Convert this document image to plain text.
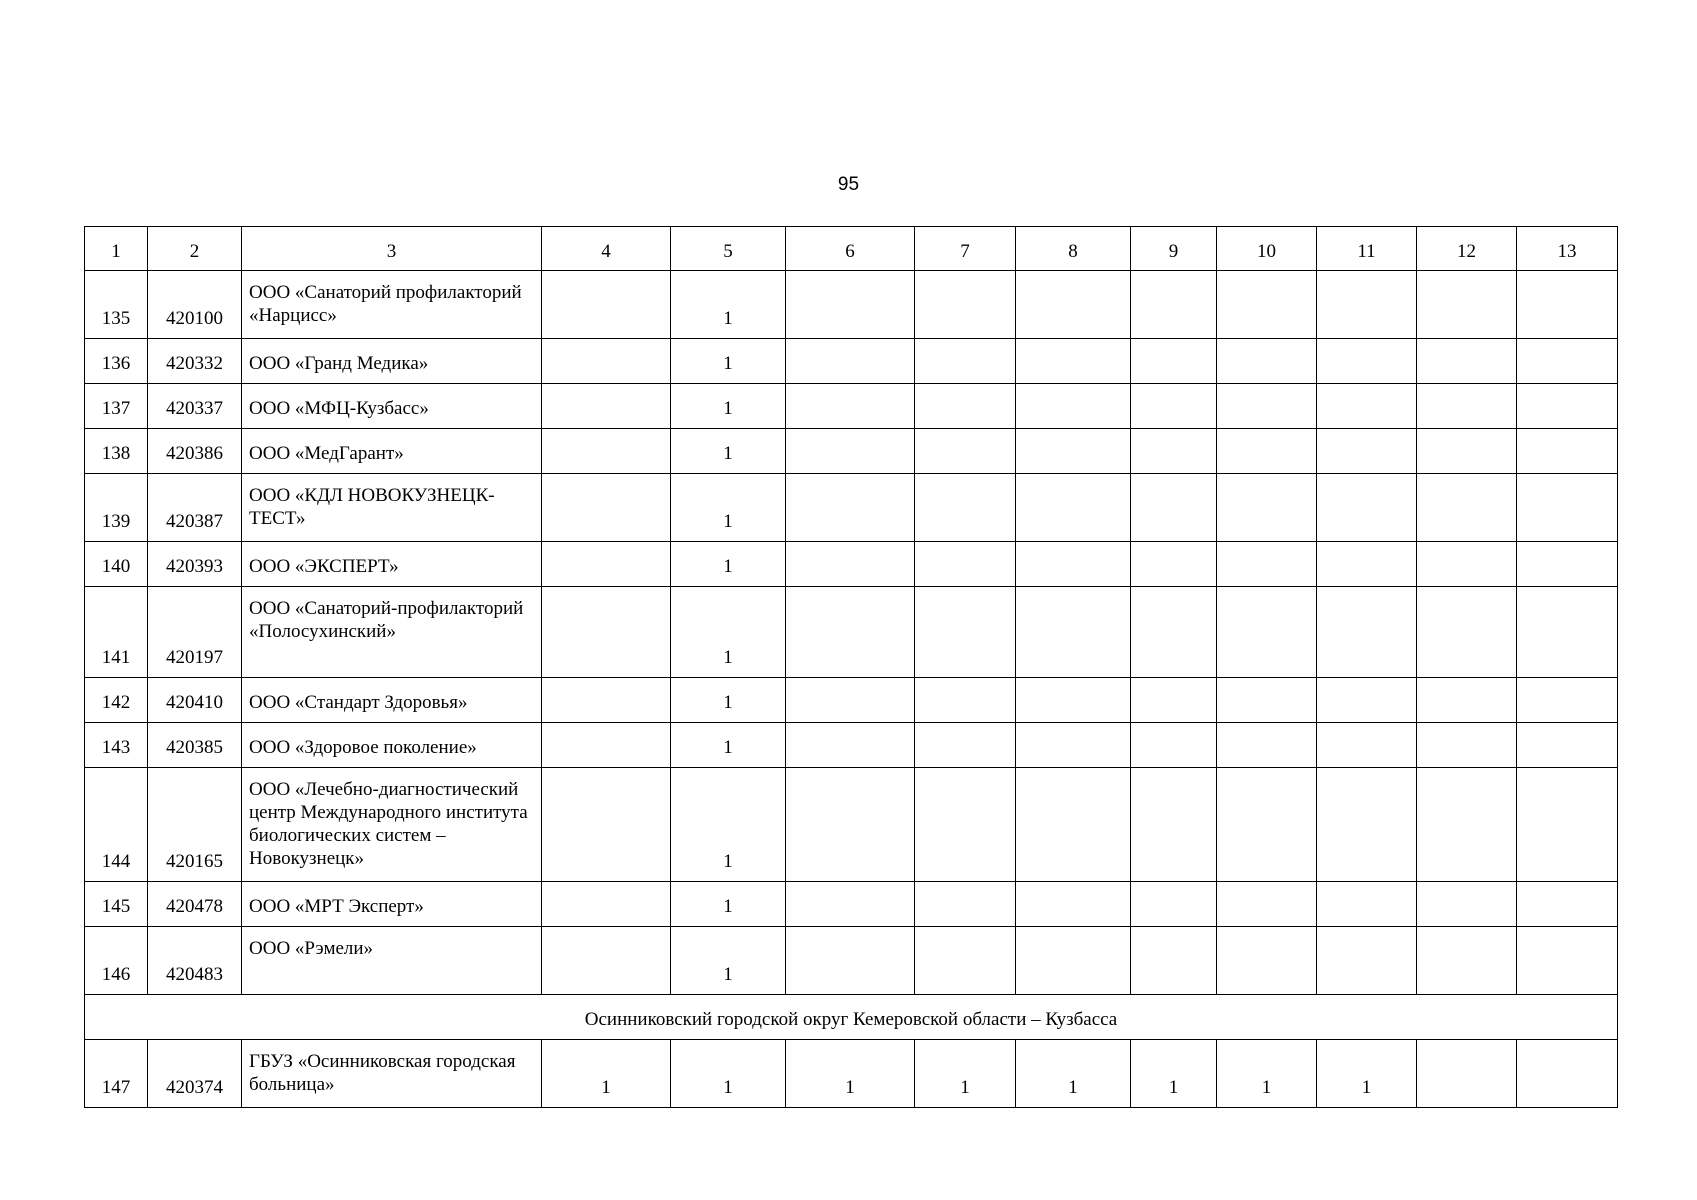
95
1	2	3	4	5	6	7	8	9	10	11	12	13
135	420100	ООО «Санаторий профилакторий «Нарцисс»		1								
136	420332	ООО «Гранд Медика»		1								
137	420337	ООО «МФЦ-Кузбасс»		1								
138	420386	ООО «МедГарант»		1								
139	420387	ООО «КДЛ НОВОКУЗНЕЦК-ТЕСТ»		1								
140	420393	ООО «ЭКСПЕРТ»		1								
141	420197	ООО «Санаторий-профилакторий «Полосухинский»		1								
142	420410	ООО «Стандарт Здоровья»		1								
143	420385	ООО «Здоровое поколение»		1								
144	420165	ООО «Лечебно-диагностический центр Международного института биологических систем – Новокузнецк»		1								
145	420478	ООО «МРТ Эксперт»		1								
146	420483	ООО «Рэмели»		1								
Осинниковский городской округ Кемеровской области – Кузбасса												
147	420374	ГБУЗ «Осинниковская городская больница»	1	1	1	1	1	1	1	1		
